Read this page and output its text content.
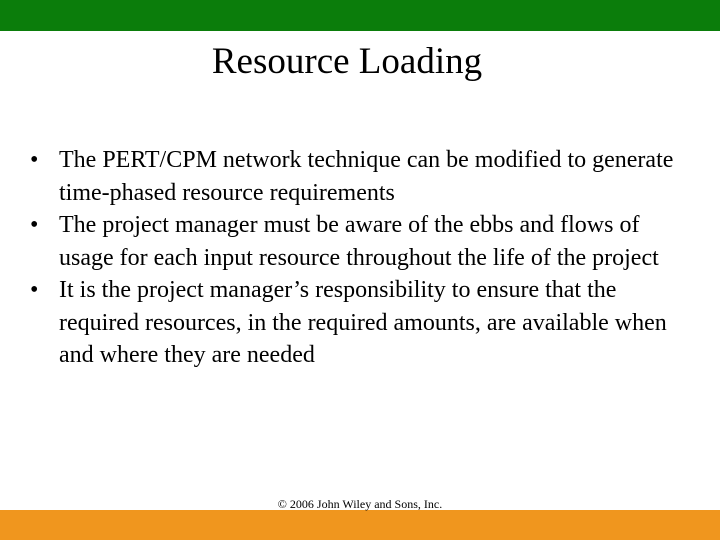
Resource Loading
• The PERT/CPM network technique can be modified to generate time-phased resource requirements
• The project manager must be aware of the ebbs and flows of usage for each input resource throughout the life of the project
• It is the project manager’s responsibility to ensure that the required resources, in the required amounts, are available when and where they are needed
© 2006 John Wiley and Sons, Inc.
